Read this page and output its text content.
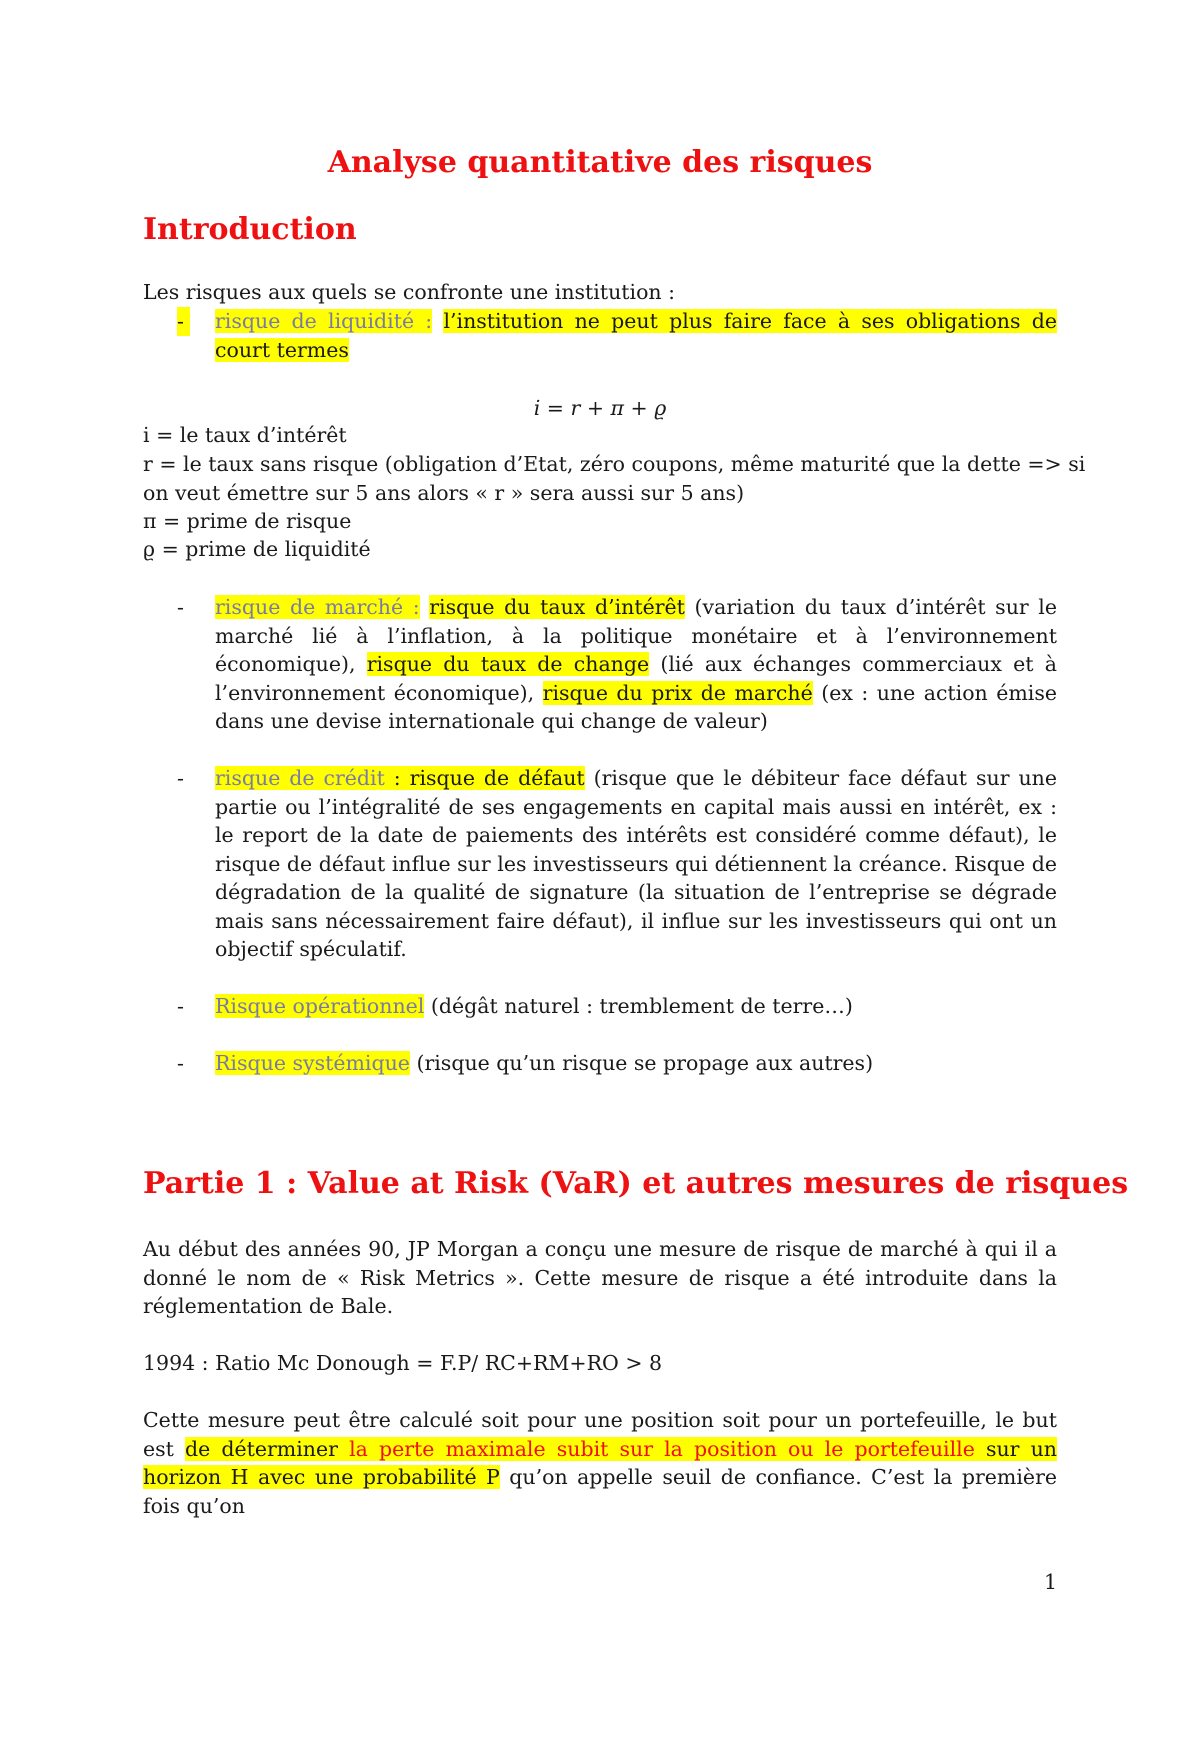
Analyse quantitative des risques
Introduction
Les risques aux quels se confronte une institution :
- risque de liquidité : l’institution ne peut plus faire face à ses obligations de court termes
i = r + π + ϱ
i = le taux d’intérêt
r = le taux sans risque (obligation d’Etat, zéro coupons, même maturité que la dette => si
on veut émettre sur 5 ans alors « r » sera aussi sur 5 ans)
π = prime de risque
ϱ = prime de liquidité
- risque de marché : risque du taux d’intérêt (variation du taux d’intérêt sur le marché lié à l’inflation, à la politique monétaire et à l’environnement économique), risque du taux de change (lié aux échanges commerciaux et à l’environnement économique), risque du prix de marché (ex : une action émise dans une devise internationale qui change de valeur)
- risque de crédit : risque de défaut (risque que le débiteur face défaut sur une partie ou l’intégralité de ses engagements en capital mais aussi en intérêt, ex : le report de la date de paiements des intérêts est considéré comme défaut), le risque de défaut influe sur les investisseurs qui détiennent la créance. Risque de dégradation de la qualité de signature (la situation de l’entreprise se dégrade mais sans nécessairement faire défaut), il influe sur les investisseurs qui ont un objectif spéculatif.
- Risque opérationnel (dégât naturel : tremblement de terre…)
- Risque systémique (risque qu’un risque se propage aux autres)
Partie 1 : Value at Risk (VaR) et autres mesures de risques
Au début des années 90, JP Morgan a conçu une mesure de risque de marché à qui il a donné le nom de « Risk Metrics ». Cette mesure de risque a été introduite dans la réglementation de Bale.
1994 : Ratio Mc Donough = F.P/ RC+RM+RO > 8
Cette mesure peut être calculé soit pour une position soit pour un portefeuille, le but est de déterminer la perte maximale subit sur la position ou le portefeuille sur un horizon H avec une probabilité P qu’on appelle seuil de confiance. C’est la première fois qu’on
1
